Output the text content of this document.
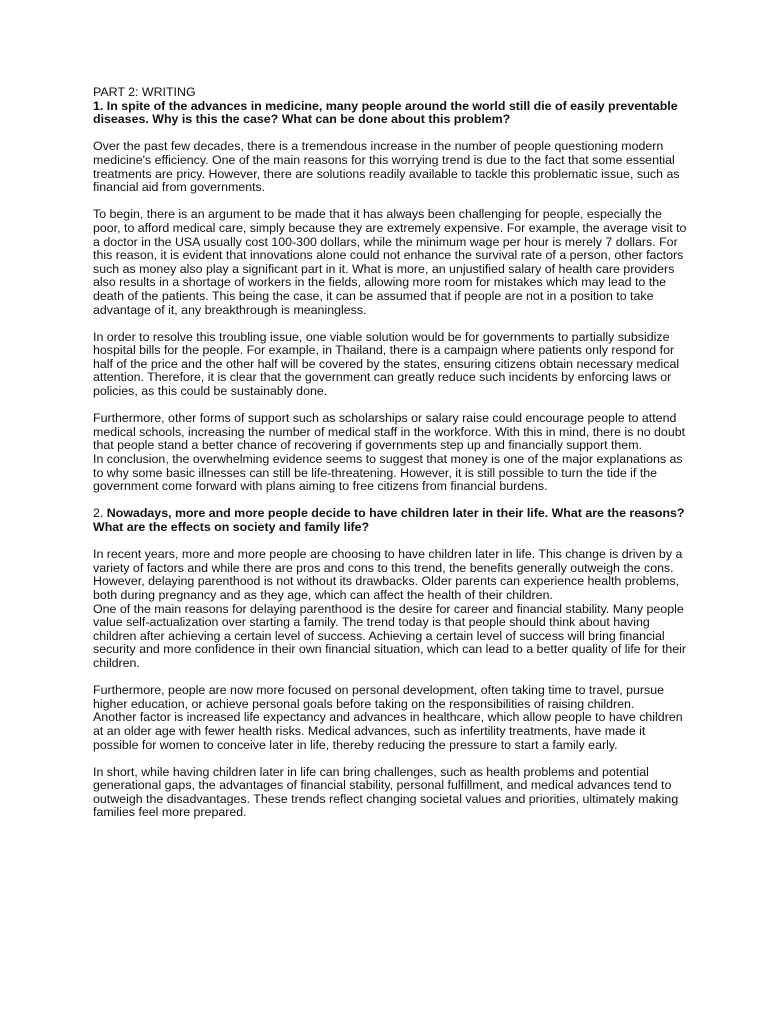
PART 2: WRITING

1. In spite of the advances in medicine, many people around the world still die of easily preventable diseases. Why is this the case? What can be done about this problem?

Over the past few decades, there is a tremendous increase in the number of people questioning modern medicine's efficiency. One of the main reasons for this worrying trend is due to the fact that some essential treatments are pricy. However, there are solutions readily available to tackle this problematic issue, such as financial aid from governments.

To begin, there is an argument to be made that it has always been challenging for people, especially the poor, to afford medical care, simply because they are extremely expensive. For example, the average visit to a doctor in the USA usually cost 100-300 dollars, while the minimum wage per hour is merely 7 dollars. For this reason, it is evident that innovations alone could not enhance the survival rate of a person, other factors such as money also play a significant part in it. What is more, an unjustified salary of health care providers also results in a shortage of workers in the fields, allowing more room for mistakes which may lead to the death of the patients. This being the case, it can be assumed that if people are not in a position to take advantage of it, any breakthrough is meaningless.

In order to resolve this troubling issue, one viable solution would be for governments to partially subsidize hospital bills for the people. For example, in Thailand, there is a campaign where patients only respond for half of the price and the other half will be covered by the states, ensuring citizens obtain necessary medical attention. Therefore, it is clear that the government can greatly reduce such incidents by enforcing laws or policies, as this could be sustainably done.

Furthermore, other forms of support such as scholarships or salary raise could encourage people to attend medical schools, increasing the number of medical staff in the workforce. With this in mind, there is no doubt that people stand a better chance of recovering if governments step up and financially support them.

In conclusion, the overwhelming evidence seems to suggest that money is one of the major explanations as to why some basic illnesses can still be life-threatening. However, it is still possible to turn the tide if the government come forward with plans aiming to free citizens from financial burdens.

2. Nowadays, more and more people decide to have children later in their life. What are the reasons? What are the effects on society and family life?

In recent years, more and more people are choosing to have children later in life. This change is driven by a variety of factors and while there are pros and cons to this trend, the benefits generally outweigh the cons. However, delaying parenthood is not without its drawbacks. Older parents can experience health problems, both during pregnancy and as they age, which can affect the health of their children.

One of the main reasons for delaying parenthood is the desire for career and financial stability. Many people value self-actualization over starting a family. The trend today is that people should think about having children after achieving a certain level of success. Achieving a certain level of success will bring financial security and more confidence in their own financial situation, which can lead to a better quality of life for their children.

Furthermore, people are now more focused on personal development, often taking time to travel, pursue higher education, or achieve personal goals before taking on the responsibilities of raising children.

Another factor is increased life expectancy and advances in healthcare, which allow people to have children at an older age with fewer health risks. Medical advances, such as infertility treatments, have made it possible for women to conceive later in life, thereby reducing the pressure to start a family early.

In short, while having children later in life can bring challenges, such as health problems and potential generational gaps, the advantages of financial stability, personal fulfillment, and medical advances tend to outweigh the disadvantages. These trends reflect changing societal values and priorities, ultimately making families feel more prepared.
